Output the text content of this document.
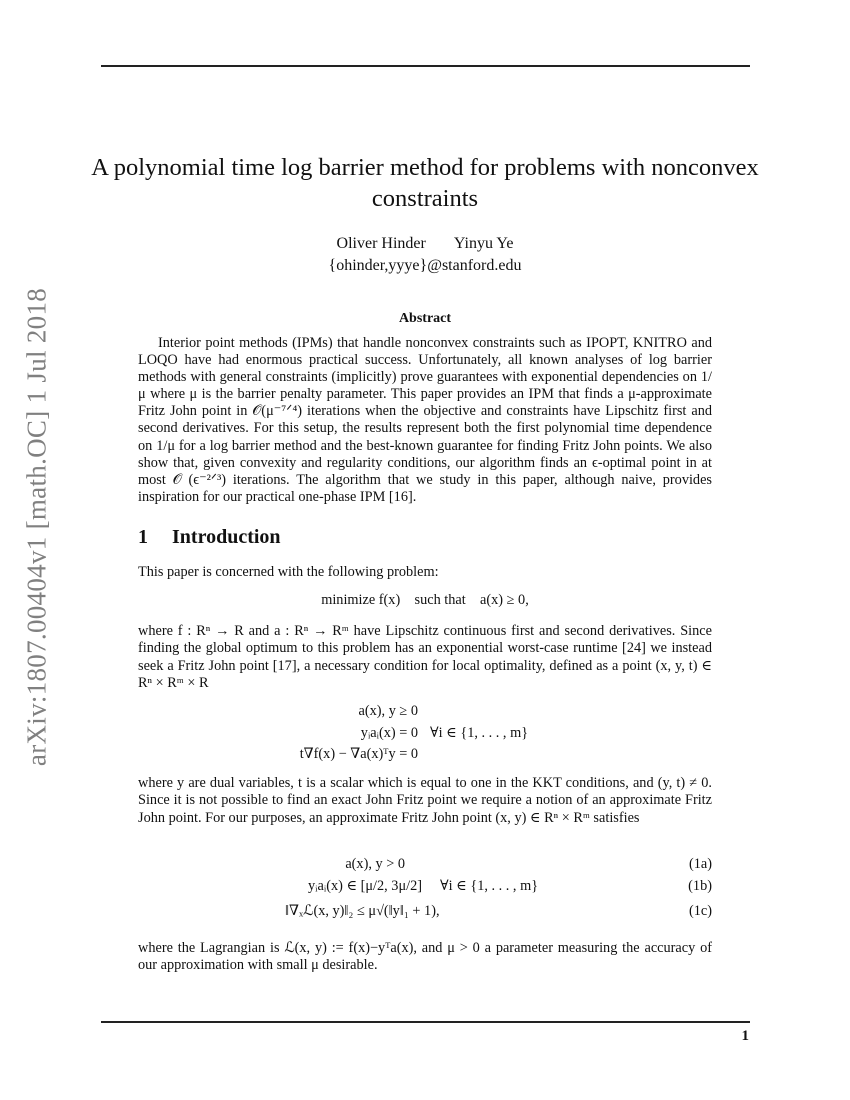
arXiv:1807.00404v1 [math.OC] 1 Jul 2018
A polynomial time log barrier method for problems with nonconvex constraints
Oliver Hinder Yinyu Ye
{ohinder,yyye}@stanford.edu
Abstract

Interior point methods (IPMs) that handle nonconvex constraints such as IPOPT, KNITRO and LOQO have had enormous practical success. Unfortunately, all known analyses of log barrier methods with general constraints (implicitly) prove guarantees with exponential dependencies on 1/μ where μ is the barrier penalty parameter. This paper provides an IPM that finds a μ-approximate Fritz John point in 𝒪(μ⁻⁷ᐟ⁴) iterations when the objective and constraints have Lipschitz first and second derivatives. For this setup, the results represent both the first polynomial time dependence on 1/μ for a log barrier method and the best-known guarantee for finding Fritz John points. We also show that, given convexity and regularity conditions, our algorithm finds an ϵ-optimal point in at most 𝒪 (ϵ⁻²ᐟ³) iterations. The algorithm that we study in this paper, although naive, provides inspiration for our practical one-phase IPM [16].

1 Introduction

This paper is concerned with the following problem:

minimize f(x) such that a(x) ≥ 0,

where f : Rⁿ → R and a : Rⁿ → Rᵐ have Lipschitz continuous first and second derivatives. Since finding the global optimum to this problem has an exponential worst-case runtime [24] we instead seek a Fritz John point [17], a necessary condition for local optimality, defined as a point (x, y, t) ∈ Rⁿ × Rᵐ × R

a(x), y ≥ 0
yᵢaᵢ(x) = 0 ∀i ∈ {1, . . . , m}
t∇f(x) − ∇a(x)ᵀy = 0

where y are dual variables, t is a scalar which is equal to one in the KKT conditions, and (y, t) ≠ 0. Since it is not possible to find an exact John Fritz point we require a notion of an approximate Fritz John point. For our purposes, an approximate Fritz John point (x, y) ∈ Rⁿ × Rᵐ satisfies

a(x), y > 0	(1a)
yᵢaᵢ(x) ∈ [μ/2, 3μ/2] ∀i ∈ {1, . . . , m}	(1b)
‖∇ₓℒ(x, y)‖₂ ≤ μ√(‖y‖₁ + 1),	(1c)

where the Lagrangian is ℒ(x, y) := f(x)−yᵀa(x), and μ > 0 a parameter measuring the accuracy of our approximation with small μ desirable.

1
